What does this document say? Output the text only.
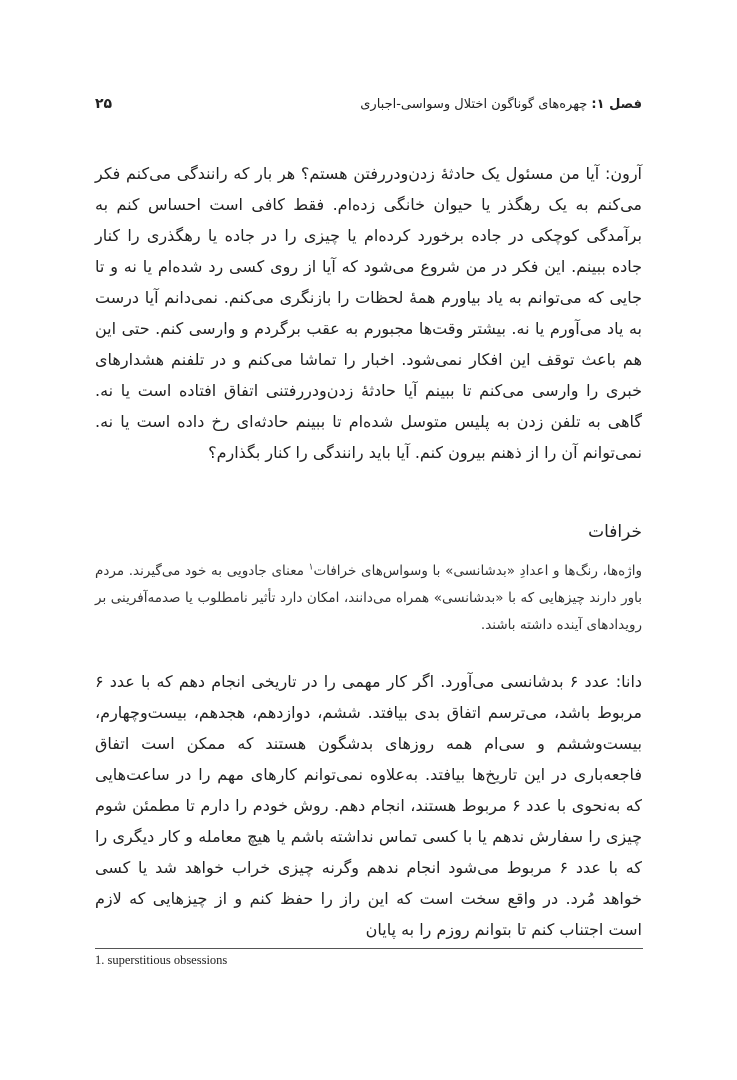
فصل ۱: چهره‌های گوناگون اختلال وسواسی-اجباری
۲۵

آرون: آیا من مسئول یک حادثهٔ زدن‌ودررفتن هستم؟ هر بار که رانندگی می‌کنم فکر می‌کنم به یک رهگذر یا حیوان خانگی زده‌ام. فقط کافی است احساس کنم به برآمدگی کوچکی در جاده برخورد کرده‌ام یا چیزی را در جاده یا رهگذری را کنار جاده ببینم. این فکر در من شروع می‌شود که آیا از روی کسی رد شده‌ام یا نه و تا جایی که می‌توانم به یاد بیاورم همهٔ لحظات را بازنگری می‌کنم. نمی‌دانم آیا درست به یاد می‌آورم یا نه. بیشتر وقت‌ها مجبورم به عقب برگردم و وارسی کنم. حتی این هم باعث توقف این افکار نمی‌شود. اخبار را تماشا می‌کنم و در تلفنم هشدارهای خبری را وارسی می‌کنم تا ببینم آیا حادثهٔ زدن‌ودررفتنی اتفاق افتاده است یا نه. گاهی به تلفن زدن به پلیس متوسل شده‌ام تا ببینم حادثه‌ای رخ داده است یا نه. نمی‌توانم آن را از ذهنم بیرون کنم. آیا باید رانندگی را کنار بگذارم؟

خرافات

واژه‌ها، رنگ‌ها و اعدادِ «بدشانسی» با وسواس‌های خرافات$^۱$ معنای جادویی به خود می‌گیرند. مردم باور دارند چیزهایی که با «بدشانسی» همراه می‌دانند، امکان دارد تأثیر نامطلوب یا صدمه‌آفرینی بر رویدادهای آینده داشته باشند.

دانا: عدد ۶ بدشانسی می‌آورد. اگر کار مهمی را در تاریخی انجام دهم که با عدد ۶ مربوط باشد، می‌ترسم اتفاق بدی بیافتد. ششم، دوازدهم، هجدهم، بیست‌وچهارم، بیست‌وششم و سی‌ام همه روزهای بدشگون هستند که ممکن است اتفاق فاجعه‌باری در این تاریخ‌ها بیافتد. به‌علاوه نمی‌توانم کارهای مهم را در ساعت‌هایی که به‌نحوی با عدد ۶ مربوط هستند، انجام دهم. روش خودم را دارم تا مطمئن شوم چیزی را سفارش ندهم یا با کسی تماس نداشته باشم یا هیچ معامله و کار دیگری را که با عدد ۶ مربوط می‌شود انجام ندهم وگرنه چیزی خراب خواهد شد یا کسی خواهد مُرد. در واقع سخت است که این راز را حفظ کنم و از چیزهایی که لازم است اجتناب کنم تا بتوانم روزم را به پایان

1. superstitious obsessions
